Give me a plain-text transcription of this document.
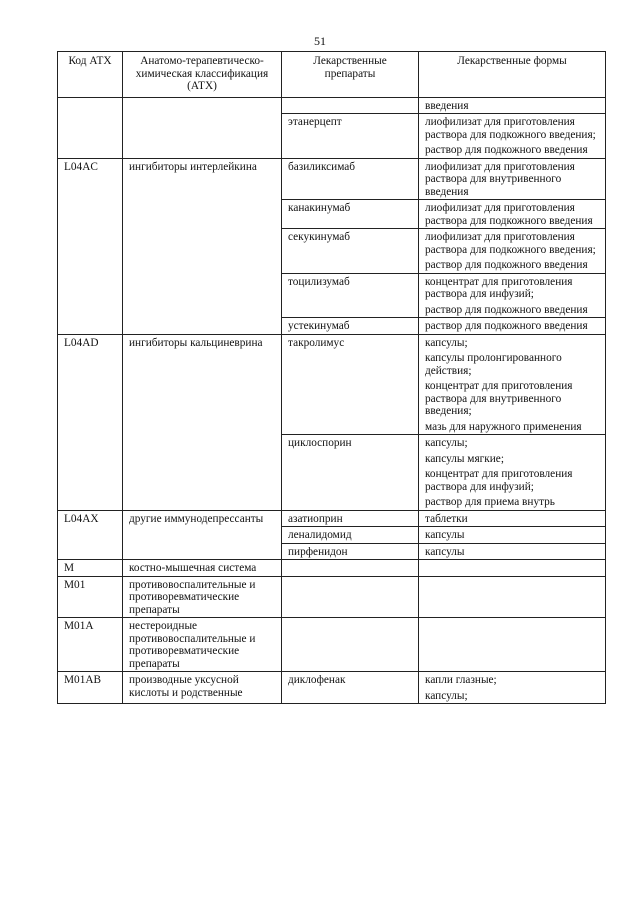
51
Код АТХ	Анатомо-терапевтическо-химическая классификация (АТХ)	Лекарственные препараты	Лекарственные формы

			введения

		этанерцепт	лиофилизат для приготовления раствора для подкожного введения;
раствор для подкожного введения

L04AC	ингибиторы интерлейкина	базиликсимаб	лиофилизат для приготовления раствора для внутривенного введения

		канакинумаб	лиофилизат для приготовления раствора для подкожного введения

		секукинумаб	лиофилизат для приготовления раствора для подкожного введения;
раствор для подкожного введения

		тоцилизумаб	концентрат для приготовления раствора для инфузий;
раствор для подкожного введения

		устекинумаб	раствор для подкожного введения

L04AD	ингибиторы кальциневрина	такролимус	капсулы;
капсулы пролонгированного действия;
концентрат для приготовления раствора для внутривенного введения;
мазь для наружного применения

		циклоспорин	капсулы;
капсулы мягкие;
концентрат для приготовления раствора для инфузий;
раствор для приема внутрь

L04AX	другие иммунодепрессанты	азатиоприн	таблетки

		леналидомид	капсулы

		пирфенидон	капсулы

M	костно-мышечная система		
M01	противовоспалительные и противоревматические препараты		
M01A	нестероидные противовоспалительные и противоревматические препараты		
M01AB	производные уксусной кислоты и родственные	диклофенак	капли глазные;
капсулы;
